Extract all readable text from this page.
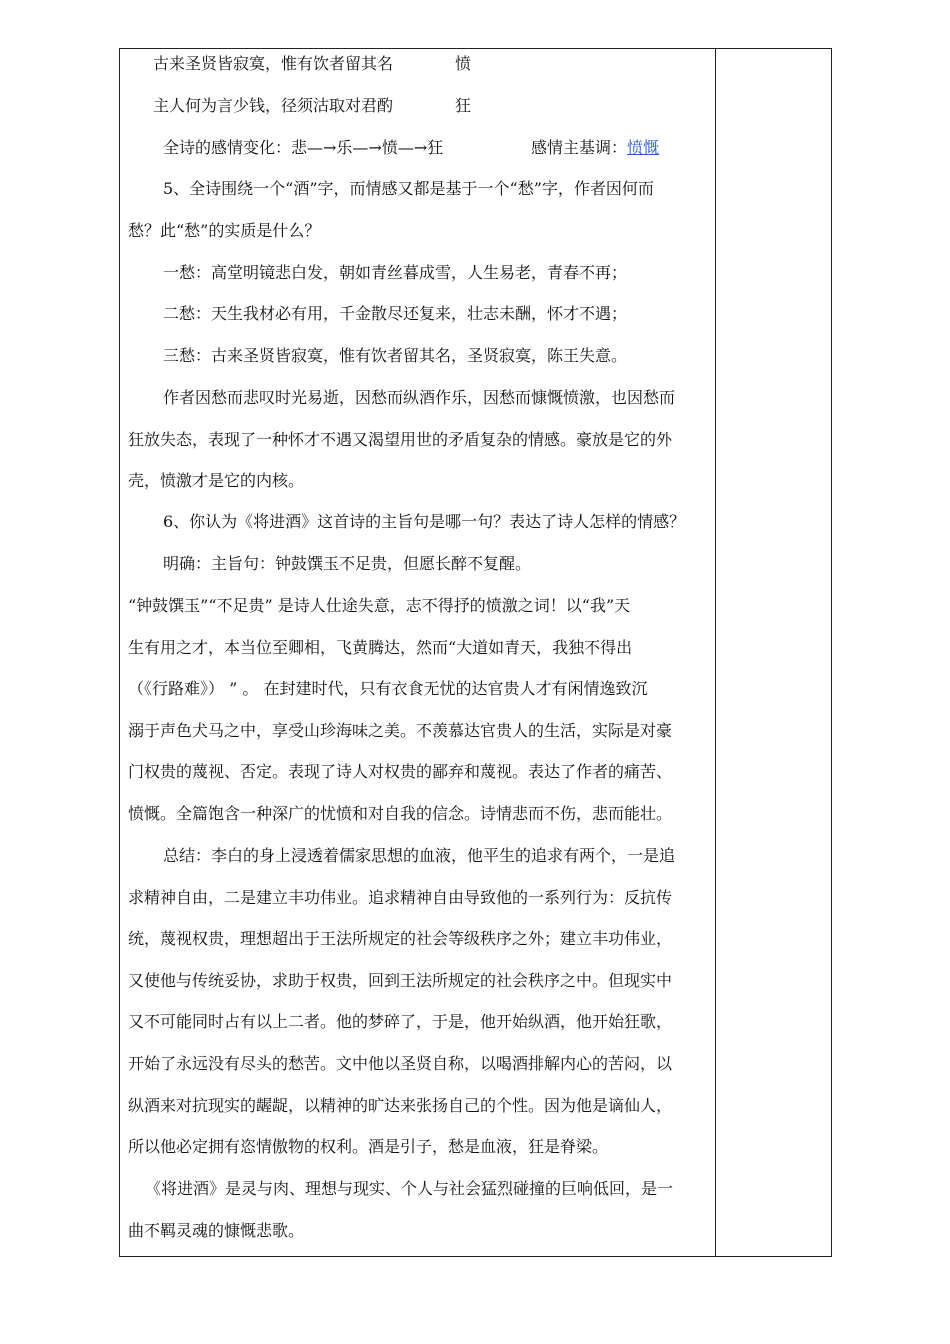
古来圣贤皆寂寞，惟有饮者留其名	愤
主人何为言少钱，径须沽取对君酌	狂
全诗的感情变化：悲—→乐—→愤—→狂	感情主基调：愤慨
5、全诗围绕一个“酒”字，而情感又都是基于一个“愁”字，作者因何而
愁？此“愁”的实质是什么？
一愁：高堂明镜悲白发，朝如青丝暮成雪，人生易老，青春不再；
二愁：天生我材必有用，千金散尽还复来，壮志未酬，怀才不遇；
三愁：古来圣贤皆寂寞，惟有饮者留其名，圣贤寂寞，陈王失意。
作者因愁而悲叹时光易逝，因愁而纵酒作乐，因愁而慷慨愤激，也因愁而
狂放失态，表现了一种怀才不遇又渴望用世的矛盾复杂的情感。豪放是它的外
壳，愤激才是它的内核。
6、你认为《将进酒》这首诗的主旨句是哪一句？表达了诗人怎样的情感？
明确：主旨句：钟鼓馔玉不足贵，但愿长醉不复醒。
“钟鼓馔玉”“不足贵” 是诗人仕途失意，志不得抒的愤激之词！以“我”天
生有用之才，本当位至卿相，飞黄腾达，然而“大道如青天，我独不得出
（《行路难》） ” 。 在封建时代，只有衣食无忧的达官贵人才有闲情逸致沉
溺于声色犬马之中，享受山珍海味之美。不羡慕达官贵人的生活，实际是对豪
门权贵的蔑视、否定。表现了诗人对权贵的鄙弃和蔑视。表达了作者的痛苦、
愤慨。全篇饱含一种深广的忧愤和对自我的信念。诗情悲而不伤，悲而能壮。
总结：李白的身上浸透着儒家思想的血液，他平生的追求有两个，一是追
求精神自由，二是建立丰功伟业。追求精神自由导致他的一系列行为：反抗传
统，蔑视权贵，理想超出于王法所规定的社会等级秩序之外；建立丰功伟业，
又使他与传统妥协，求助于权贵，回到王法所规定的社会秩序之中。但现实中
又不可能同时占有以上二者。他的梦碎了，于是，他开始纵酒，他开始狂歌，
开始了永远没有尽头的愁苦。文中他以圣贤自称，以喝酒排解内心的苦闷，以
纵酒来对抗现实的龌龊，以精神的旷达来张扬自己的个性。因为他是谪仙人，
所以他必定拥有恣情傲物的权利。酒是引子，愁是血液，狂是脊梁。
《将进酒》是灵与肉、理想与现实、个人与社会猛烈碰撞的巨响低回，是一
曲不羁灵魂的慷慨悲歌。
